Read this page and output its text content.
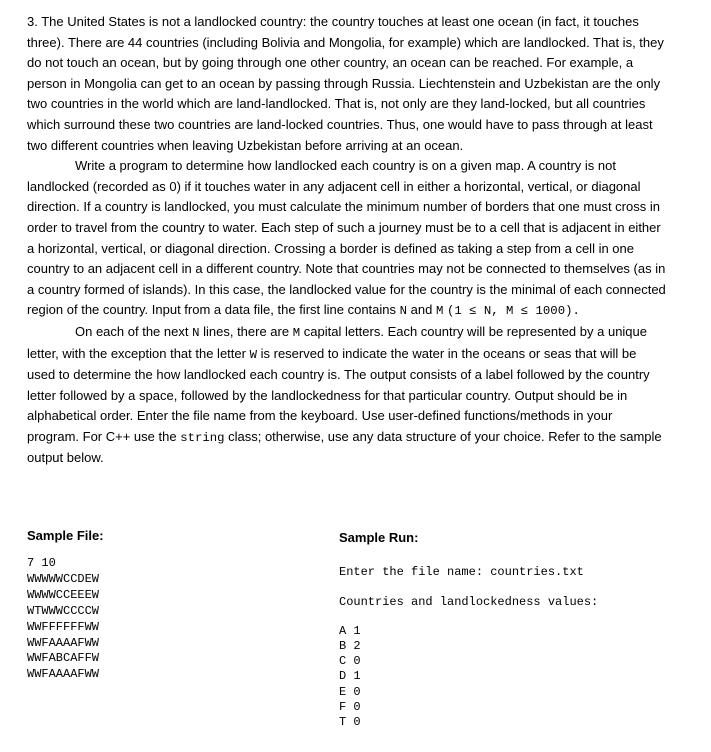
3. The United States is not a landlocked country: the country touches at least one ocean (in fact, it touches three). There are 44 countries (including Bolivia and Mongolia, for example) which are landlocked. That is, they do not touch an ocean, but by going through one other country, an ocean can be reached. For example, a person in Mongolia can get to an ocean by passing through Russia. Liechtenstein and Uzbekistan are the only two countries in the world which are land-landlocked. That is, not only are they land-locked, but all countries which surround these two countries are land-locked countries. Thus, one would have to pass through at least two different countries when leaving Uzbekistan before arriving at an ocean.

Write a program to determine how landlocked each country is on a given map. A country is not landlocked (recorded as 0) if it touches water in any adjacent cell in either a horizontal, vertical, or diagonal direction. If a country is landlocked, you must calculate the minimum number of borders that one must cross in order to travel from the country to water. Each step of such a journey must be to a cell that is adjacent in either a horizontal, vertical, or diagonal direction. Crossing a border is defined as taking a step from a cell in one country to an adjacent cell in a different country. Note that countries may not be connected to themselves (as in a country formed of islands). In this case, the landlocked value for the country is the minimal of each connected region of the country. Input from a data file, the first line contains N and M (1 ≤ N, M ≤ 1000).

On each of the next N lines, there are M capital letters. Each country will be represented by a unique letter, with the exception that the letter W is reserved to indicate the water in the oceans or seas that will be used to determine the how landlocked each country is. The output consists of a label followed by the country letter followed by a space, followed by the landlockedness for that particular country. Output should be in alphabetical order. Enter the file name from the keyboard. Use user-defined functions/methods in your program. For C++ use the string class; otherwise, use any data structure of your choice. Refer to the sample output below.

Sample File:
7 10
WWWWWCCDEW
WWWWCCEEEW
WTWWWCCCCW
WWFFFFFFWW
WWFAAAAFWW
WWFABCAFFW
WWFAAAAFWW
Sample Run:
Enter the file name: countries.txt
Countries and landlockedness values:
A 1
B 2
C 0
D 1
E 0
F 0
T 0
